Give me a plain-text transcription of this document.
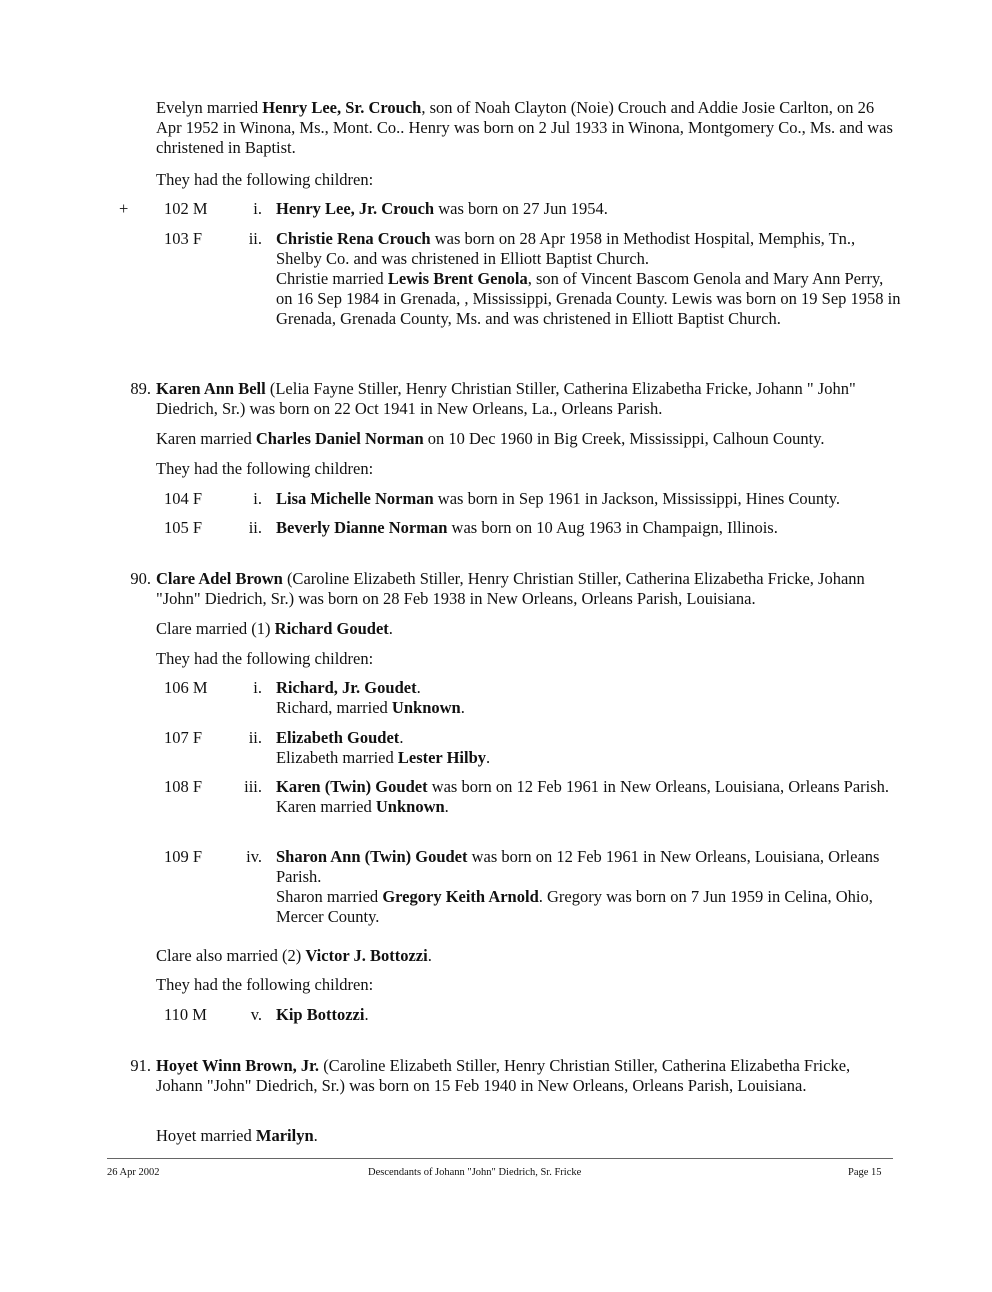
Evelyn married Henry Lee, Sr. Crouch, son of Noah Clayton (Noie) Crouch and Addie Josie Carlton, on 26 Apr 1952 in Winona, Ms., Mont. Co.. Henry was born on 2 Jul 1933 in Winona, Montgomery Co., Ms. and was christened in Baptist.
They had the following children:
+ 102 M	i. Henry Lee, Jr. Crouch was born on 27 Jun 1954.
103 F	ii. Christie Rena Crouch was born on 28 Apr 1958 in Methodist Hospital, Memphis, Tn., Shelby Co. and was christened in Elliott Baptist Church.
Christie married Lewis Brent Genola, son of Vincent Bascom Genola and Mary Ann Perry, on 16 Sep 1984 in Grenada, , Mississippi, Grenada County. Lewis was born on 19 Sep 1958 in Grenada, Grenada County, Ms. and was christened in Elliott Baptist Church.
89. Karen Ann Bell (Lelia Fayne Stiller, Henry Christian Stiller, Catherina Elizabetha Fricke, Johann " John" Diedrich, Sr.) was born on 22 Oct 1941 in New Orleans, La., Orleans Parish.
Karen married Charles Daniel Norman on 10 Dec 1960 in Big Creek, Mississippi, Calhoun County.
They had the following children:
104 F	i. Lisa Michelle Norman was born in Sep 1961 in Jackson, Mississippi, Hines County.
105 F	ii. Beverly Dianne Norman was born on 10 Aug 1963 in Champaign, Illinois.
90. Clare Adel Brown (Caroline Elizabeth Stiller, Henry Christian Stiller, Catherina Elizabetha Fricke, Johann "John" Diedrich, Sr.) was born on 28 Feb 1938 in New Orleans, Orleans Parish, Louisiana.
Clare married (1) Richard Goudet.
They had the following children:
106 M	i. Richard, Jr. Goudet.
Richard, married Unknown.
107 F	ii. Elizabeth Goudet.
Elizabeth married Lester Hilby.
108 F	iii. Karen (Twin) Goudet was born on 12 Feb 1961 in New Orleans, Louisiana, Orleans Parish.
Karen married Unknown.
109 F	iv. Sharon Ann (Twin) Goudet was born on 12 Feb 1961 in New Orleans, Louisiana, Orleans Parish.
Sharon married Gregory Keith Arnold. Gregory was born on 7 Jun 1959 in Celina, Ohio, Mercer County.
Clare also married (2) Victor J. Bottozzi.
They had the following children:
110 M	v. Kip Bottozzi.
91. Hoyet Winn Brown, Jr. (Caroline Elizabeth Stiller, Henry Christian Stiller, Catherina Elizabetha Fricke, Johann "John" Diedrich, Sr.) was born on 15 Feb 1940 in New Orleans, Orleans Parish, Louisiana.
Hoyet married Marilyn.
26 Apr 2002	Descendants of Johann "John" Diedrich, Sr. Fricke	Page 15
